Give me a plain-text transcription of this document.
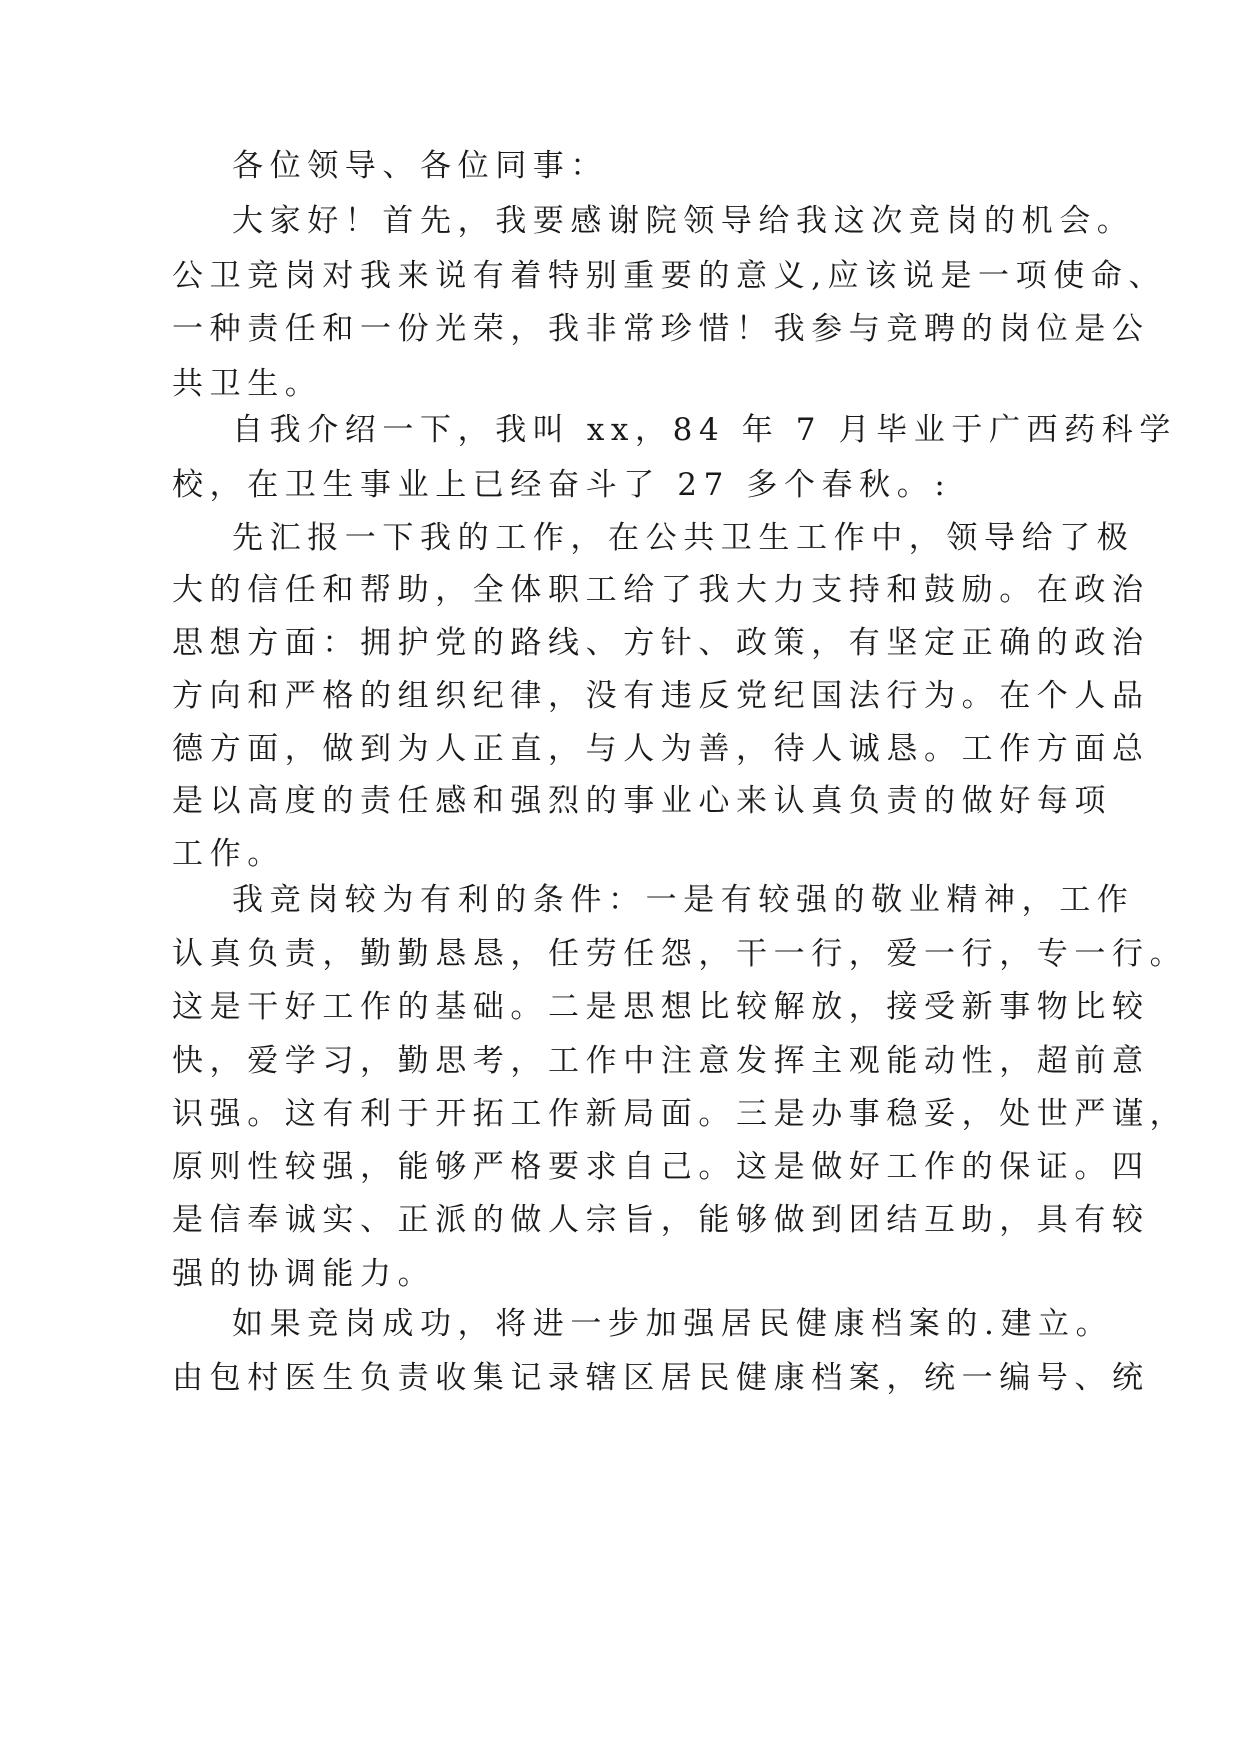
各位领导、各位同事：
大家好！首先，我要感谢院领导给我这次竞岗的机会。
公卫竞岗对我来说有着特别重要的意义,应该说是一项使命、
一种责任和一份光荣，我非常珍惜！我参与竞聘的岗位是公
共卫生。
自我介绍一下，我叫 xx，84 年 7 月毕业于广西药科学
校，在卫生事业上已经奋斗了 27 多个春秋。:
先汇报一下我的工作，在公共卫生工作中，领导给了极
大的信任和帮助，全体职工给了我大力支持和鼓励。在政治
思想方面：拥护党的路线、方针、政策，有坚定正确的政治
方向和严格的组织纪律，没有违反党纪国法行为。在个人品
德方面，做到为人正直，与人为善，待人诚恳。工作方面总
是以高度的责任感和强烈的事业心来认真负责的做好每项
工作。
我竞岗较为有利的条件：一是有较强的敬业精神，工作
认真负责，勤勤恳恳，任劳任怨，干一行，爱一行，专一行。
这是干好工作的基础。二是思想比较解放，接受新事物比较
快，爱学习，勤思考，工作中注意发挥主观能动性，超前意
识强。这有利于开拓工作新局面。三是办事稳妥，处世严谨，
原则性较强，能够严格要求自己。这是做好工作的保证。四
是信奉诚实、正派的做人宗旨，能够做到团结互助，具有较
强的协调能力。
如果竞岗成功，将进一步加强居民健康档案的.建立。
由包村医生负责收集记录辖区居民健康档案，统一编号、统
